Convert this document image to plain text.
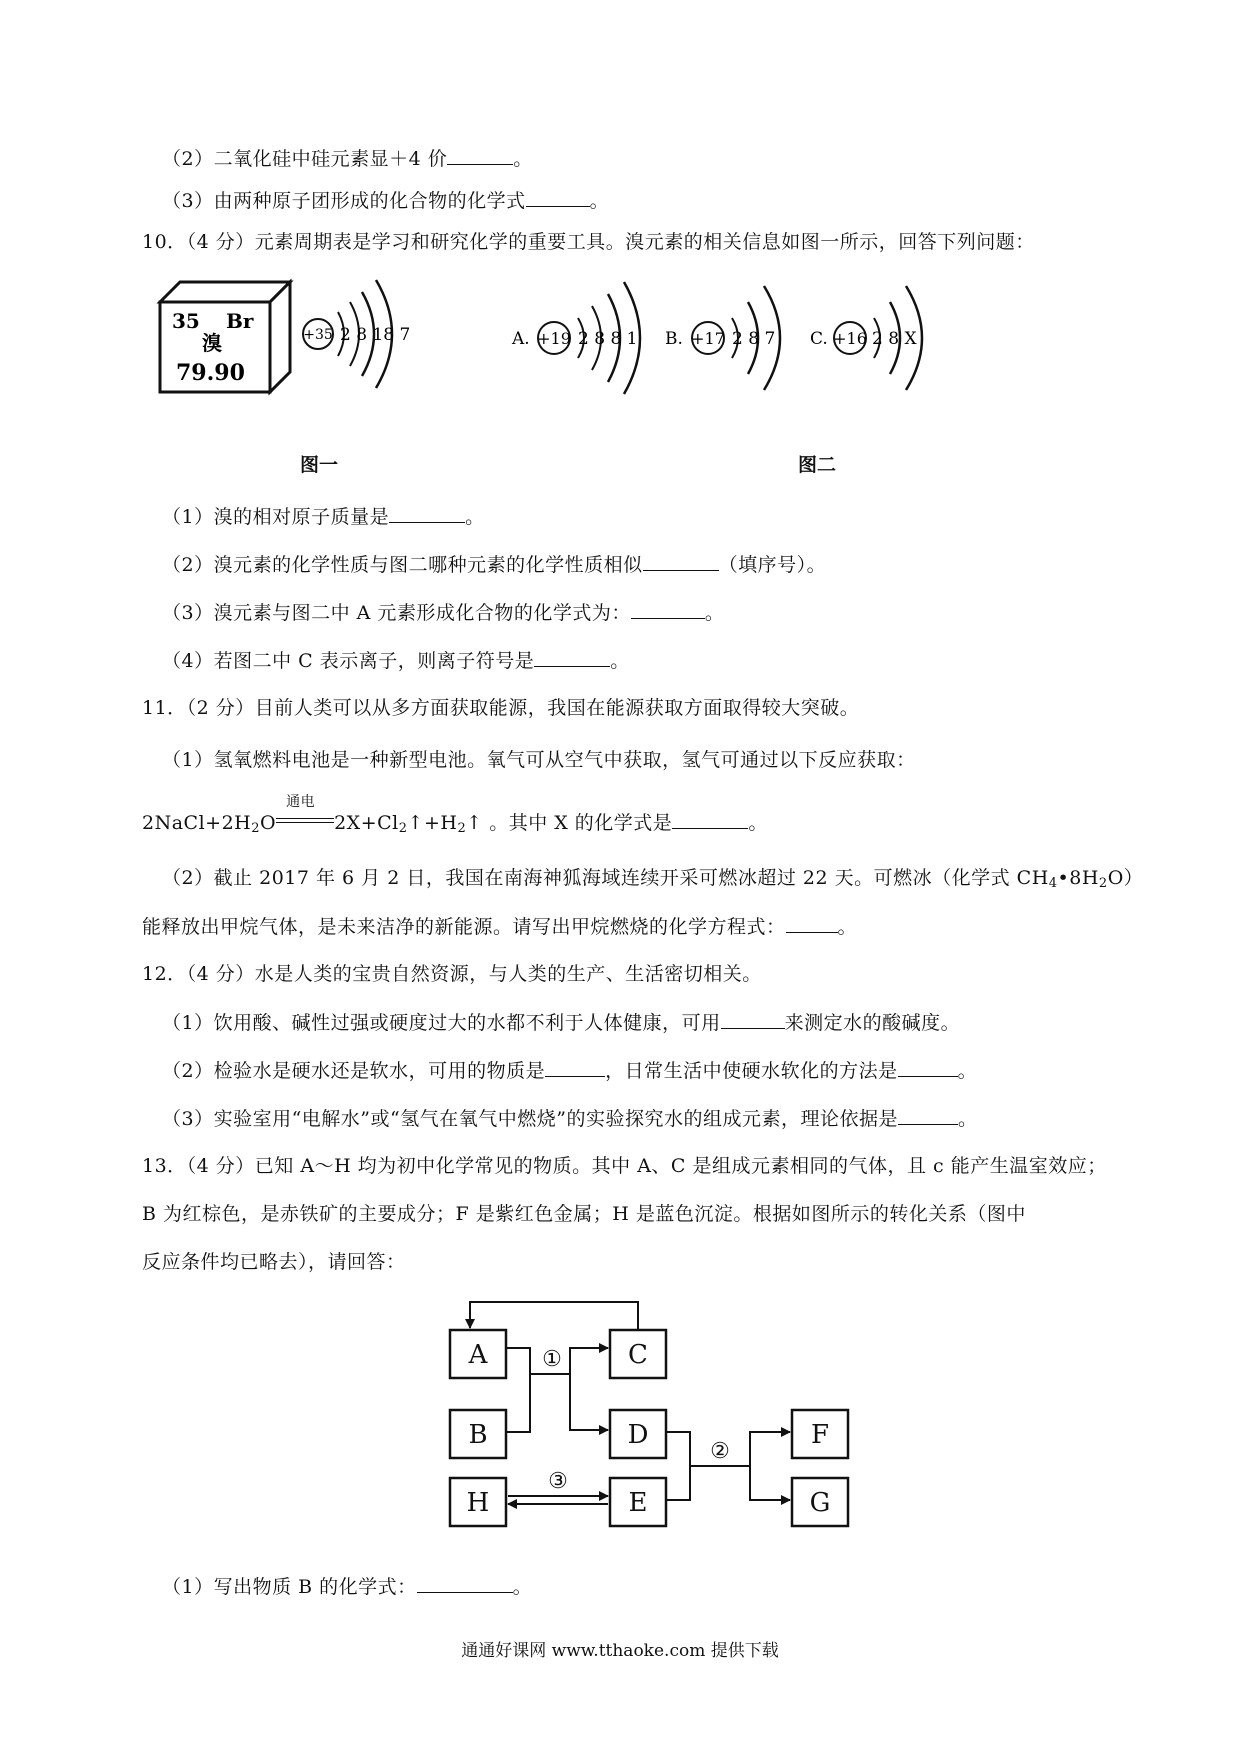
（2）二氧化硅中硅元素显＋4 价	。
（3）由两种原子团形成的化合物的化学式	。
10．（4 分）元素周期表是学习和研究化学的重要工具。溴元素的相关信息如图一所示，回答下列问题：
35 Br
溴
79.90
+35 2 8 18 7	A. +19 2 8 8 1 B. +17 2 8 7 C. +16 2 8 X
图一	图二
（1）溴的相对原子质量是	。
（2）溴元素的化学性质与图二哪种元素的化学性质相似	（填序号）。
（3）溴元素与图二中 A 元素形成化合物的化学式为：	。
（4）若图二中 C 表示离子，则离子符号是	。
11．（2 分）目前人类可以从多方面获取能源，我国在能源获取方面取得较大突破。
（1）氢氧燃料电池是一种新型电池。氧气可从空气中获取，氢气可通过以下反应获取：
$2NaCl+2H_2O$
通电
$2X+Cl_2↑+H_2↑$ 。其中 X 的化学式是	。
（2）截止 2017 年 6 月 2 日，我国在南海神狐海域连续开采可燃冰超过 22 天。可燃冰（化学式 $CH_4•8H_2O$）
能释放出甲烷气体，是未来洁净的新能源。请写出甲烷燃烧的化学方程式：	。
12．（4 分）水是人类的宝贵自然资源，与人类的生产、生活密切相关。
（1）饮用酸、碱性过强或硬度过大的水都不利于人体健康，可用	来测定水的酸碱度。
（2）检验水是硬水还是软水，可用的物质是	，日常生活中使硬水软化的方法是	。
（3）实验室用“电解水”或“氢气在氧气中燃烧”的实验探究水的组成元素，理论依据是	。
13．（4 分）已知 A～H 均为初中化学常见的物质。其中 A、C 是组成元素相同的气体，且 c 能产生温室效应；
B 为红棕色，是赤铁矿的主要成分；F 是紫红色金属；H 是蓝色沉淀。根据如图所示的转化关系（图中
反应条件均已略去），请回答：
A	C
B	D
H	E
F
G
①
②
③
（1）写出物质 B 的化学式：	。
通通好课网 www.tthaoke.com 提供下载
